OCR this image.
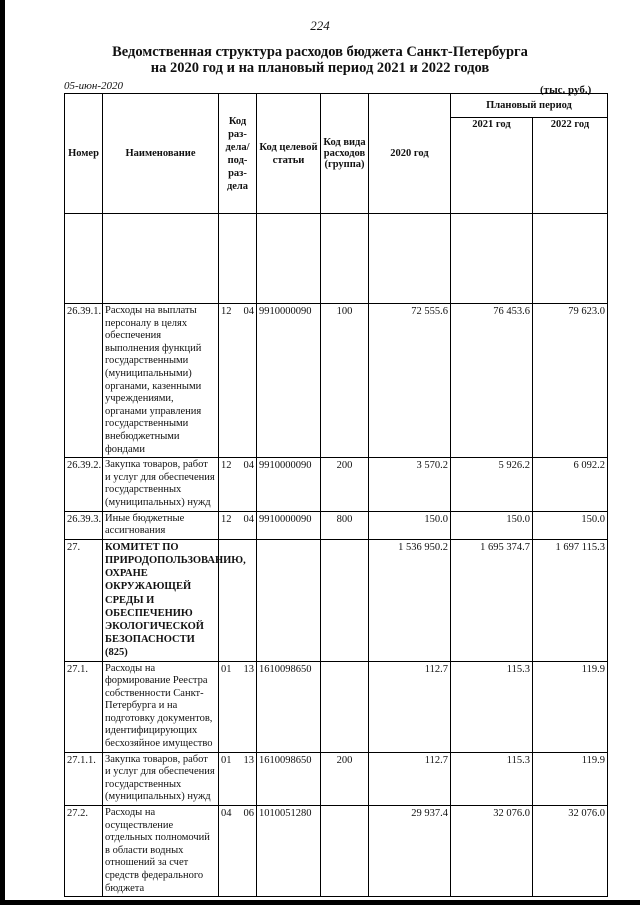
224
Ведомственная структура расходов бюджета Санкт-Петербурга
на 2020 год и на плановый период 2021 и 2022 годов
05-июн-2020	(тыс. руб.)
Номер	Наименование	Код раз-дела/ под-раз-дела	Код целевой статьи	Код вида расходов (группа)	2020 год	Плановый период	
						2021 год	2022 год

26.39.1.	Расходы на выплаты персоналу в целях обеспечения выполнения функций государственными (муниципальными) органами, казенными учреждениями, органами управления государственными внебюджетными фондами	12 04	9910000090	100	72 555.6	76 453.6	79 623.0
26.39.2.	Закупка товаров, работ и услуг для обеспечения государственных (муниципальных) нужд	12 04	9910000090	200	3 570.2	5 926.2	6 092.2
26.39.3.	Иные бюджетные ассигнования	12 04	9910000090	800	150.0	150.0	150.0
27.	КОМИТЕТ ПО ПРИРОДОПОЛЬЗОВАНИЮ, ОХРАНЕ ОКРУЖАЮЩЕЙ СРЕДЫ И ОБЕСПЕЧЕНИЮ ЭКОЛОГИЧЕСКОЙ БЕЗОПАСНОСТИ (825)				1 536 950.2	1 695 374.7	1 697 115.3
27.1.	Расходы на формирование Реестра собственности Санкт-Петербурга и на подготовку документов, идентифицирующих бесхозяйное имущество	01 13	1610098650		112.7	115.3	119.9
27.1.1.	Закупка товаров, работ и услуг для обеспечения государственных (муниципальных) нужд	01 13	1610098650	200	112.7	115.3	119.9
27.2.	Расходы на осуществление отдельных полномочий в области водных отношений за счет средств федерального бюджета	04 06	1010051280		29 937.4	32 076.0	32 076.0
